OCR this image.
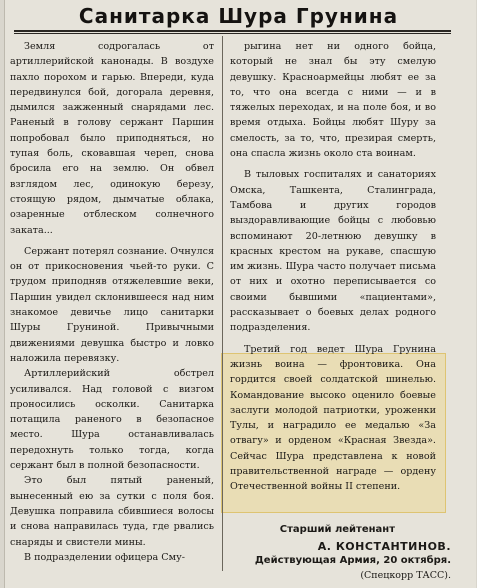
Санитарка Шура Грунина

Земля содрогалась от артиллерийской канонады. В воздухе пахло порохом и гарью. Впереди, куда передвинулся бой, догорала деревня, дымился зажженный снарядами лес. Раненый в голову сержант Паршин попробовал было приподняться, но тупая боль, сковавшая череп, снова бросила его на землю. Он обвел взглядом лес, одинокую березу, стоящую рядом, дымчатые облака, озаренные отблеском солнечного заката...

Сержант потерял сознание. Очнулся он от прикосновения чьей-то руки. С трудом приподняв отяжелевшие веки, Паршин увидел склонившееся над ним знакомое девичье лицо санитарки Шуры Груниной. Привычными движениями девушка быстро и ловко наложила перевязку.

Артиллерийский обстрел усиливался. Над головой с визгом проносились осколки. Санитарка потащила раненого в безопасное место. Шура останавливалась передохнуть только тогда, когда сержант был в полной безопасности.

Это был пятый раненый, вынесенный ею за сутки с поля боя. Девушка поправила сбившиеся волосы и снова направилась туда, где рвались снаряды и свистели мины.

В подразделении офицера Сму-

рыгина нет ни одного бойца, который не знал бы эту смелую девушку. Красноармейцы любят ее за то, что она всегда с ними — и в тяжелых переходах, и на поле боя, и во время отдыха. Бойцы любят Шуру за смелость, за то, что, презирая смерть, она спасла жизнь около ста воинам.

В тыловых госпиталях и санаториях Омска, Ташкента, Сталинграда, Тамбова и других городов выздоравливающие бойцы с любовью вспоминают 20-летнюю девушку в красных крестом на рукаве, спасшую им жизнь. Шура часто получает письма от них и охотно переписывается со своими бывшими «пациентами», рассказывает о боевых делах родного подразделения.

Третий год ведет Шура Грунина жизнь воина — фронтовика. Она гордится своей солдатской шинелью. Командование высоко оценило боевые заслуги молодой патриотки, уроженки Тулы, и наградило ее медалью «За отвагу» и орденом «Красная Звезда». Сейчас Шура представлена к новой правительственной награде — ордену Отечественной войны II степени.

Старший лейтенант
А. КОНСТАНТИНОВ.
Действующая Армия, 20 октября.
(Спецкорр ТАСС).
